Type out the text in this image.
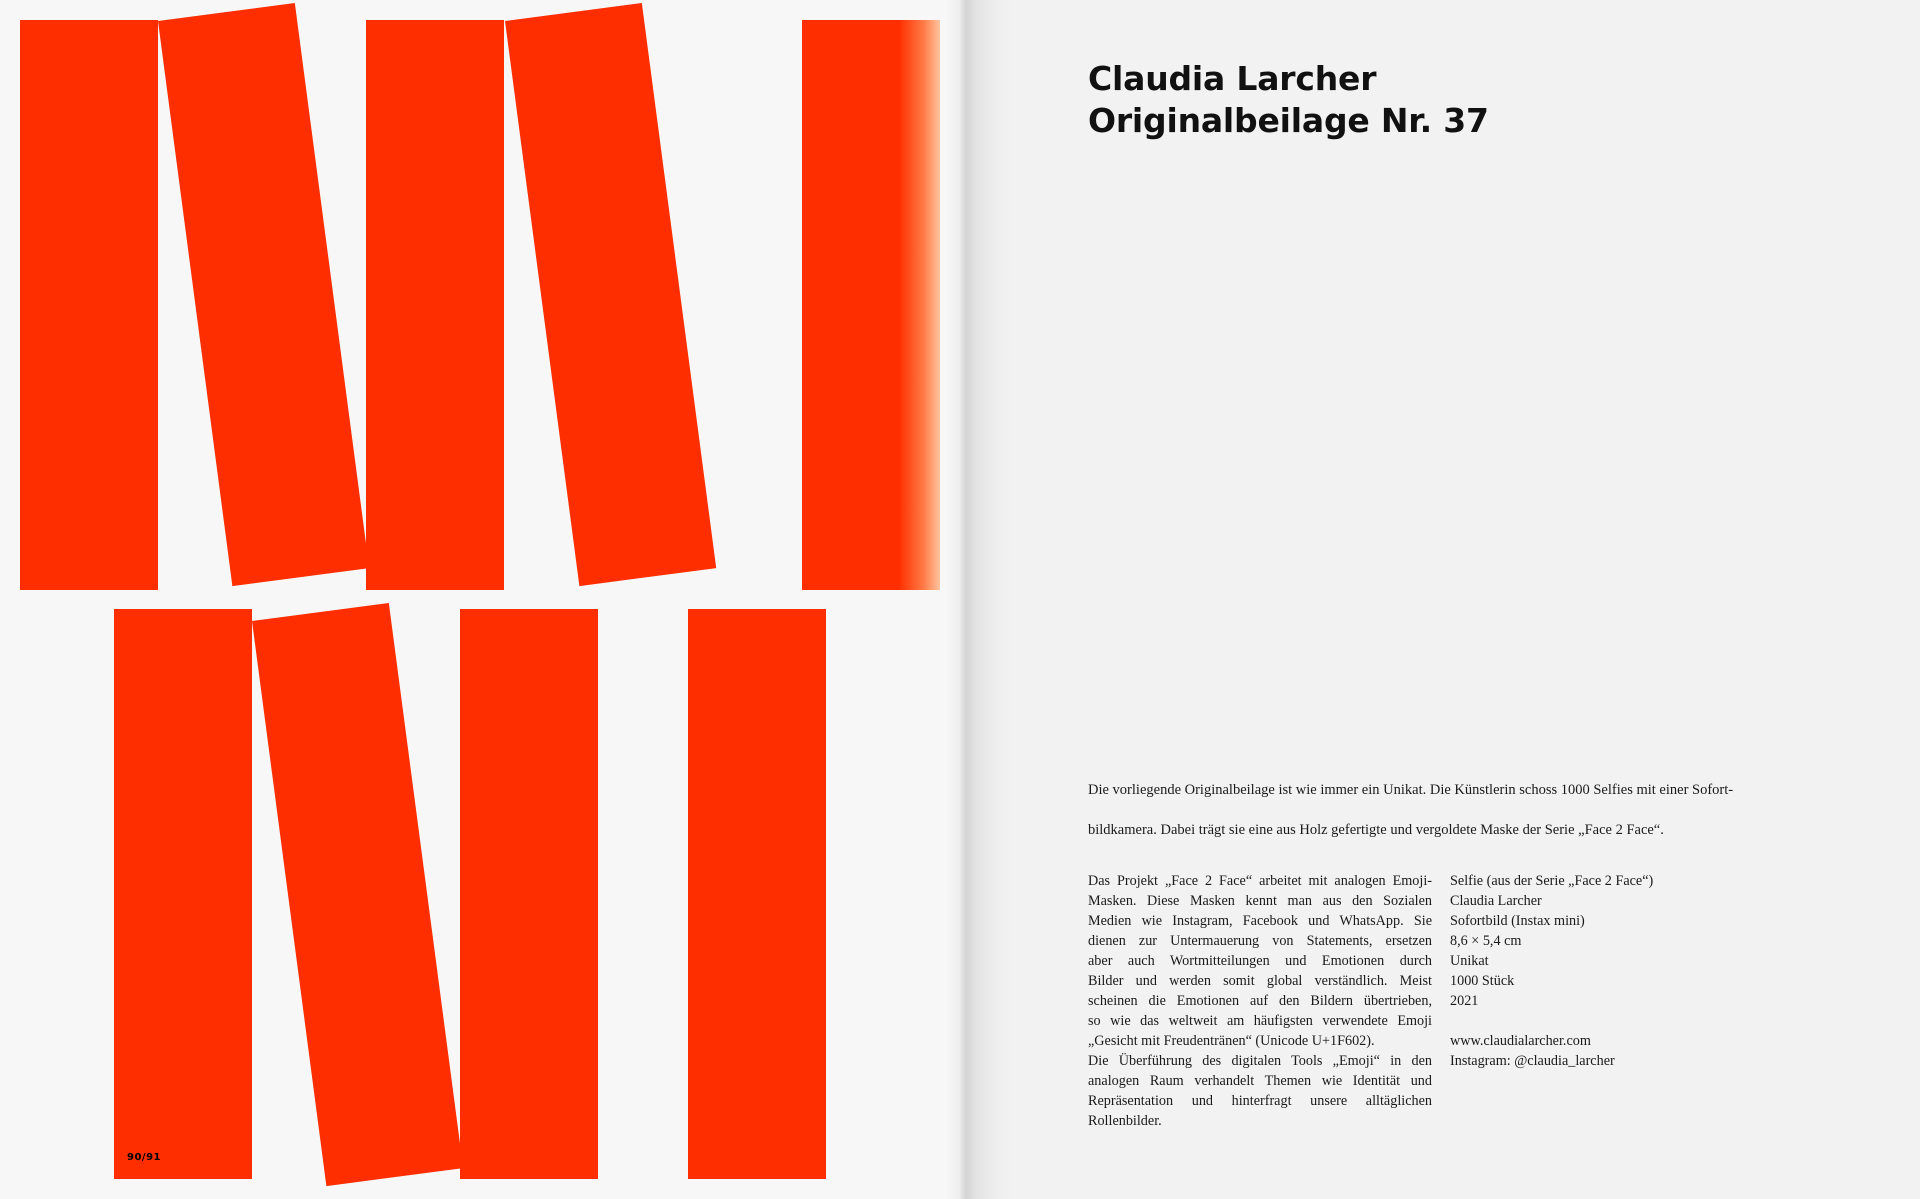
90/91
Claudia Larcher
Originalbeilage Nr. 37
Die vorliegende Originalbeilage ist wie immer ein Unikat. Die Künstlerin schoss 1000 Selfies mit einer Sofort-
bildkamera. Dabei trägt sie eine aus Holz gefertigte und vergoldete Maske der Serie „Face 2 Face“.
Das Projekt „Face 2 Face“ arbeitet mit analogen Emoji-
Masken. Diese Masken kennt man aus den Sozialen
Medien wie Instagram, Facebook und WhatsApp. Sie
dienen zur Untermauerung von Statements, ersetzen
aber auch Wortmitteilungen und Emotionen durch
Bilder und werden somit global verständlich. Meist
scheinen die Emotionen auf den Bildern übertrieben,
so wie das weltweit am häufigsten verwendete Emoji
„Gesicht mit Freudentränen“ (Unicode U+1F602).
Die Überführung des digitalen Tools „Emoji“ in den
analogen Raum verhandelt Themen wie Identität und
Repräsentation und hinterfragt unsere alltäglichen
Rollenbilder.
Selfie (aus der Serie „Face 2 Face“)
Claudia Larcher
Sofortbild (Instax mini)
8,6 × 5,4 cm
Unikat
1000 Stück
2021
www.claudialarcher.com
Instagram: @claudia_larcher
